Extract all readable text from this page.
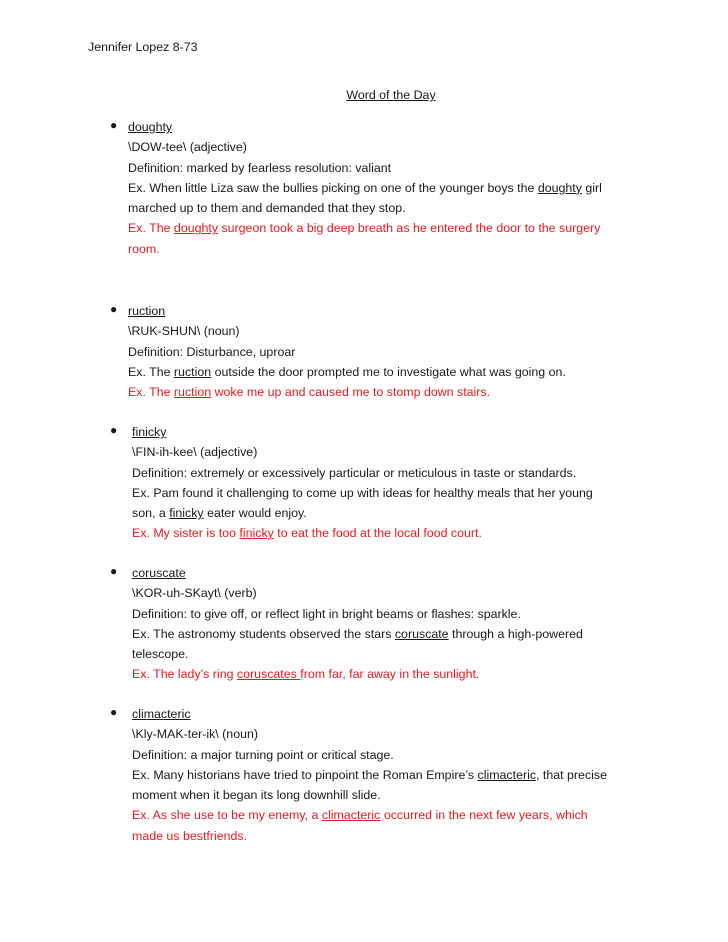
Jennifer Lopez 8-73
Word of the Day
● doughty
\DOW-tee\ (adjective)
Definition: marked by fearless resolution: valiant
Ex. When little Liza saw the bullies picking on one of the younger boys the doughty girl
marched up to them and demanded that they stop.
Ex. The doughty surgeon took a big deep breath as he entered the door to the surgery
room.
● ruction
\RUK-SHUN\ (noun)
Definition: Disturbance, uproar
Ex. The ruction outside the door prompted me to investigate what was going on.
Ex. The ruction woke me up and caused me to stomp down stairs.
● finicky
\FIN-ih-kee\ (adjective)
Definition: extremely or excessively particular or meticulous in taste or standards.
Ex. Pam found it challenging to come up with ideas for healthy meals that her young
son, a finicky eater would enjoy.
Ex. My sister is too finicky to eat the food at the local food court.
● coruscate
\KOR-uh-SKayt\ (verb)
Definition: to give off, or reflect light in bright beams or flashes: sparkle.
Ex. The astronomy students observed the stars coruscate through a high-powered
telescope.
Ex. The lady’s ring coruscates from far, far away in the sunlight.
● climacteric
\Kly-MAK-ter-ik\ (noun)
Definition: a major turning point or critical stage.
Ex. Many historians have tried to pinpoint the Roman Empire’s climacteric, that precise
moment when it began its long downhill slide.
Ex. As she use to be my enemy, a climacteric occurred in the next few years, which
made us bestfriends.
